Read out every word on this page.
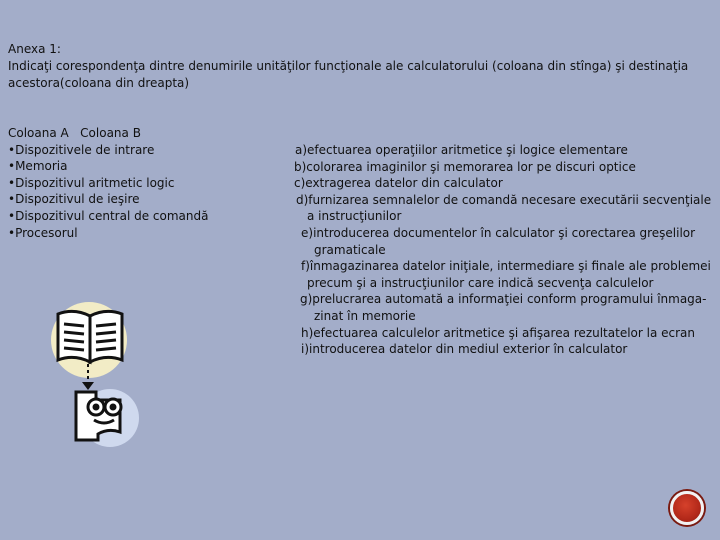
Anexa 1:
Indicaţi corespondenţa dintre denumirile unităţilor funcţionale ale calculatorului (coloana din stînga) şi destinaţia
acestora(coloana din dreapta)
Coloana A   Coloana B
•Dispozitivele de intrare
•Memoria
•Dispozitivul aritmetic logic
•Dispozitivul de ieşire
•Dispozitivul central de comandă
•Procesorul
a)efectuarea operaţiilor aritmetice şi logice elementare
b)colorarea imaginilor şi memorarea lor pe discuri optice
c)extragerea datelor din calculator
d)furnizarea semnalelor de comandă necesare executării secvenţiale
a instrucţiunilor
e)introducerea documentelor în calculator şi corectarea greşelilor
gramaticale
f)înmagazinarea datelor iniţiale, intermediare şi finale ale problemei
precum şi a instrucţiunilor care indică secvenţa calculelor
g)prelucrarea automată a informaţiei conform programului înmaga-
zinat în memorie
h)efectuarea calculelor aritmetice şi afişarea rezultatelor la ecran
i)introducerea datelor din mediul exterior în calculator
